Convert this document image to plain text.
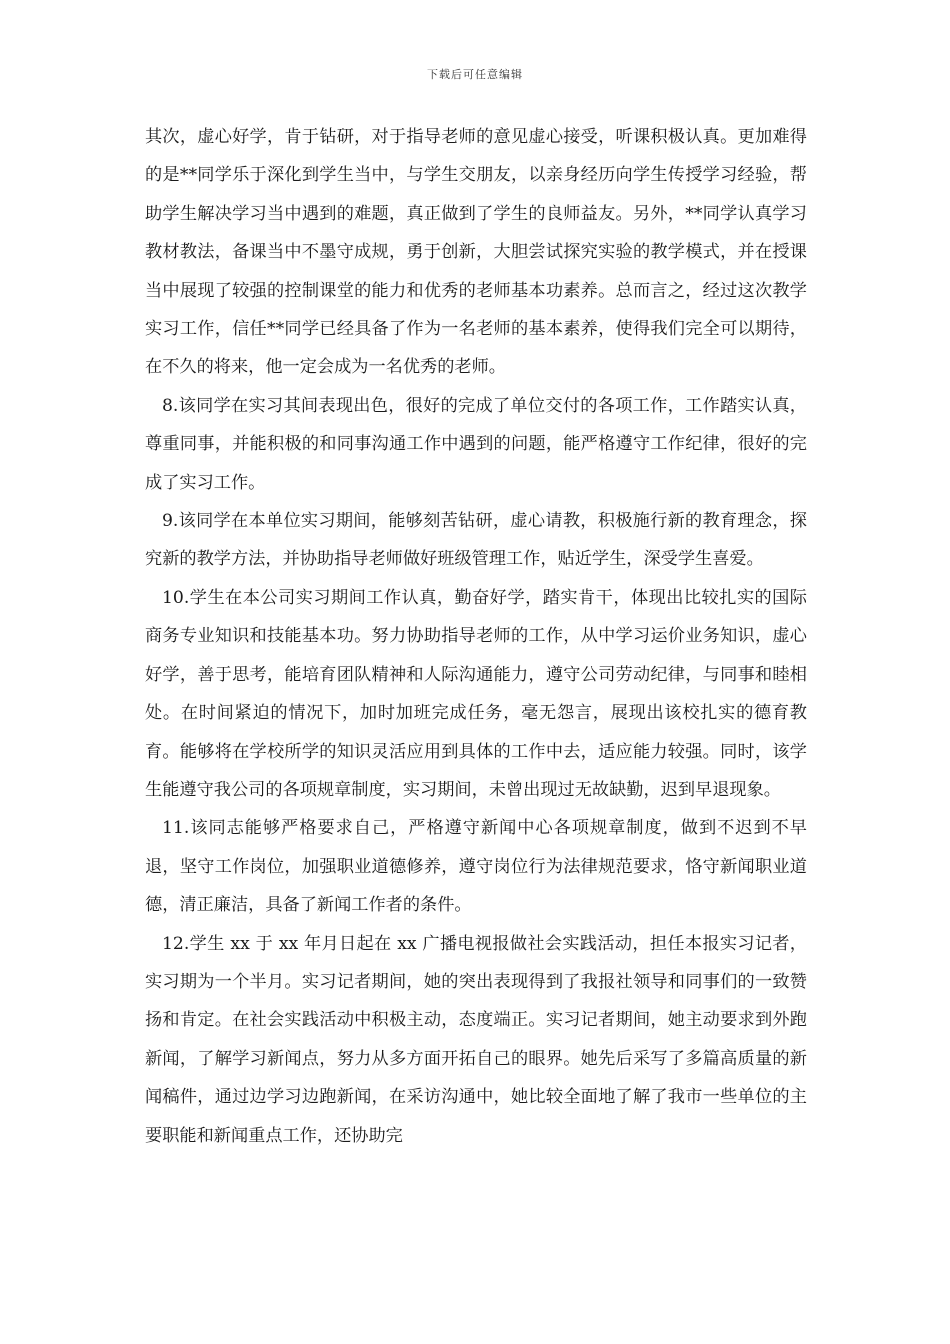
下载后可任意编辑

其次，虚心好学，肯于钻研，对于指导老师的意见虚心接受，听课积极认真。更加难得的是**同学乐于深化到学生当中，与学生交朋友，以亲身经历向学生传授学习经验，帮助学生解决学习当中遇到的难题，真正做到了学生的良师益友。另外，**同学认真学习教材教法，备课当中不墨守成规，勇于创新，大胆尝试探究实验的教学模式，并在授课当中展现了较强的控制课堂的能力和优秀的老师基本功素养。总而言之，经过这次教学实习工作，信任**同学已经具备了作为一名老师的基本素养，使得我们完全可以期待，在不久的将来，他一定会成为一名优秀的老师。

8.该同学在实习其间表现出色，很好的完成了单位交付的各项工作，工作踏实认真，尊重同事，并能积极的和同事沟通工作中遇到的问题，能严格遵守工作纪律，很好的完成了实习工作。

9.该同学在本单位实习期间，能够刻苦钻研，虚心请教，积极施行新的教育理念，探究新的教学方法，并协助指导老师做好班级管理工作，贴近学生，深受学生喜爱。

10.学生在本公司实习期间工作认真，勤奋好学，踏实肯干，体现出比较扎实的国际商务专业知识和技能基本功。努力协助指导老师的工作，从中学习运价业务知识，虚心好学，善于思考，能培育团队精神和人际沟通能力，遵守公司劳动纪律，与同事和睦相处。在时间紧迫的情况下，加时加班完成任务，毫无怨言，展现出该校扎实的德育教育。能够将在学校所学的知识灵活应用到具体的工作中去，适应能力较强。同时，该学生能遵守我公司的各项规章制度，实习期间，未曾出现过无故缺勤，迟到早退现象。

11.该同志能够严格要求自己，严格遵守新闻中心各项规章制度，做到不迟到不早退，坚守工作岗位，加强职业道德修养，遵守岗位行为法律规范要求，恪守新闻职业道德，清正廉洁，具备了新闻工作者的条件。

12.学生 xx 于 xx 年月日起在 xx 广播电视报做社会实践活动，担任本报实习记者，实习期为一个半月。实习记者期间，她的突出表现得到了我报社领导和同事们的一致赞扬和肯定。在社会实践活动中积极主动，态度端正。实习记者期间，她主动要求到外跑新闻，了解学习新闻点，努力从多方面开拓自己的眼界。她先后采写了多篇高质量的新闻稿件，通过边学习边跑新闻，在采访沟通中，她比较全面地了解了我市一些单位的主要职能和新闻重点工作，还协助完
